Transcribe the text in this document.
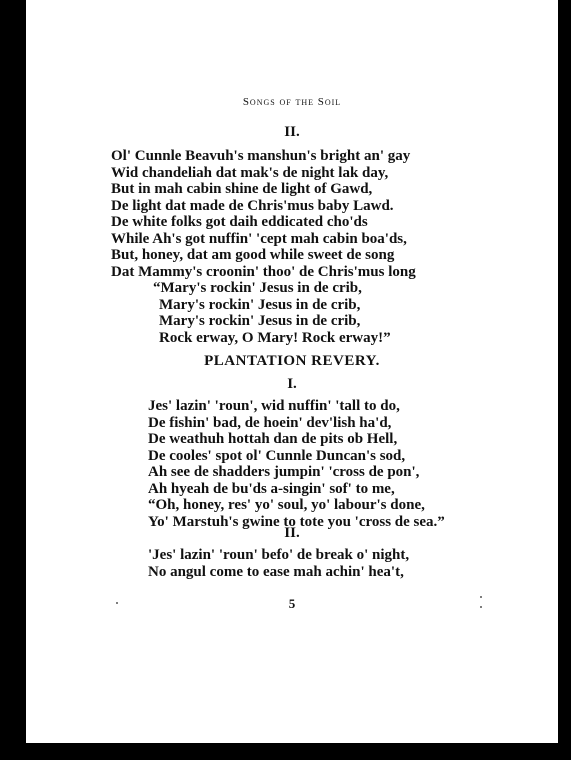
Songs of the Soil
II.
Ol' Cunnle Beavuh's manshun's bright an' gay
Wid chandeliah dat mak's de night lak day,
But in mah cabin shine de light of Gawd,
De light dat made de Chris'mus baby Lawd.
De white folks got daih eddicated cho'ds
While Ah's got nuffin' 'cept mah cabin boa'ds,
But, honey, dat am good while sweet de song
Dat Mammy's croonin' thoo' de Chris'mus long
“Mary's rockin' Jesus in de crib,
Mary's rockin' Jesus in de crib,
Mary's rockin' Jesus in de crib,
Rock erway, O Mary! Rock erway!”
PLANTATION REVERY.
I.
Jes' lazin' 'roun', wid nuffin' 'tall to do,
De fishin' bad, de hoein' dev'lish ha'd,
De weathuh hottah dan de pits ob Hell,
De cooles' spot ol' Cunnle Duncan's sod,
Ah see de shadders jumpin' 'cross de pon',
Ah hyeah de bu'ds a-singin' sof' to me,
“Oh, honey, res' yo' soul, yo' labour's done,
Yo' Marstuh's gwine to tote you 'cross de sea.”
II.
'Jes' lazin' 'roun' befo' de break o' night,
No angul come to ease mah achin' hea't,
5
